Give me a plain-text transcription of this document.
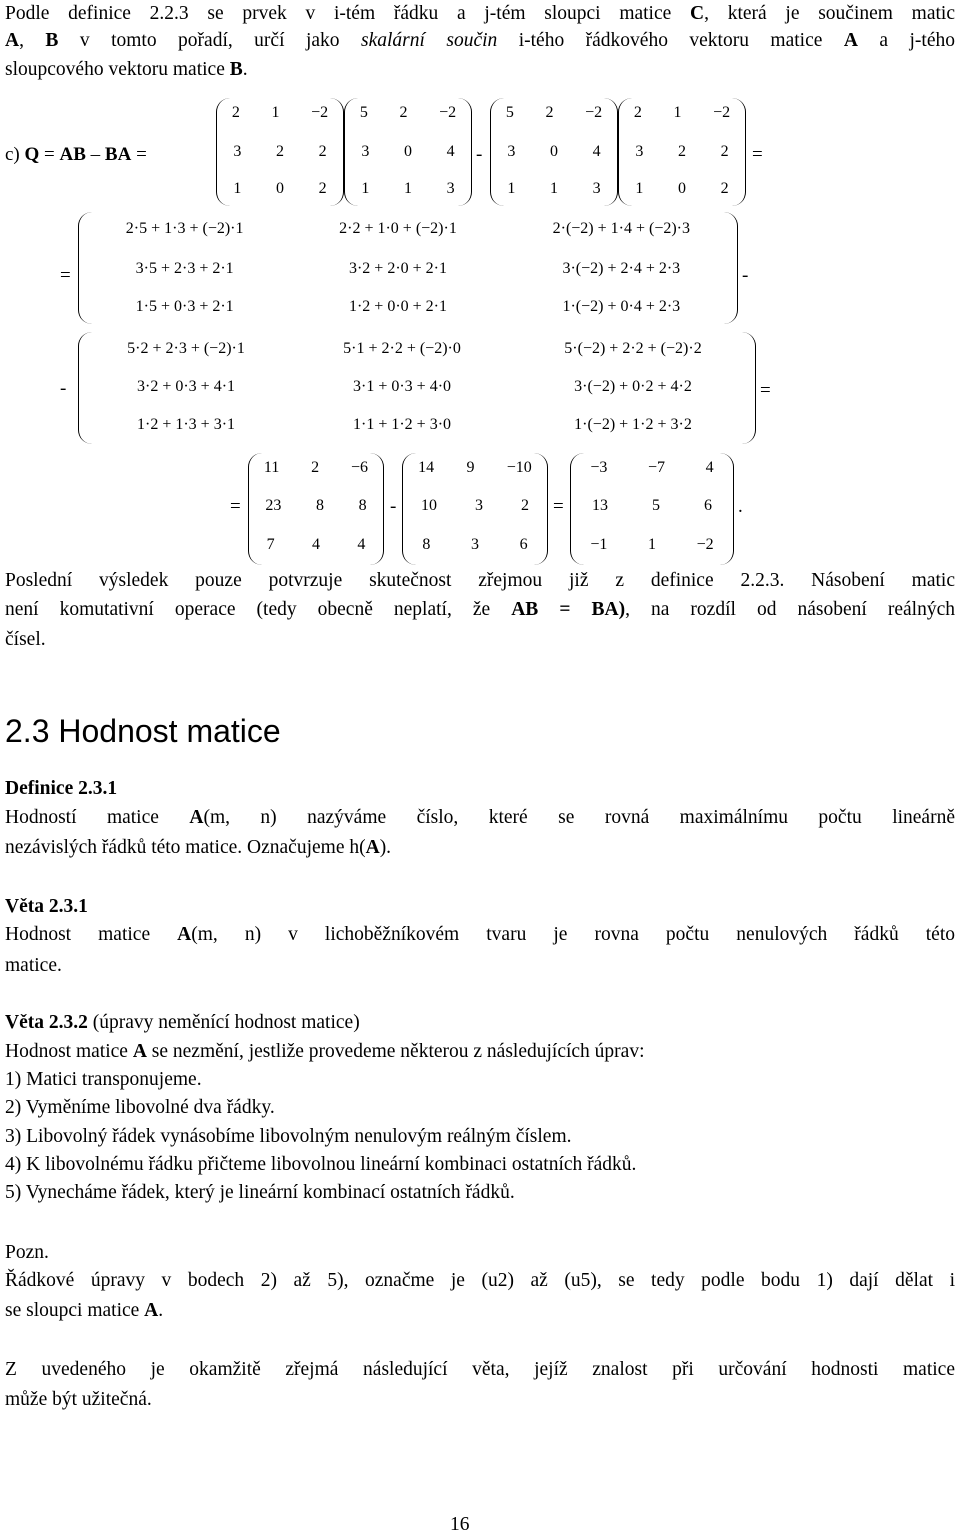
Podle definice 2.2.3 se prvek v i-tém řádku a j-tém sloupci matice C, která je součinem matic
A, B v tomto pořadí, určí jako skalární součin i-tého řádkového vektoru matice A a j-tého
sloupcového vektoru matice B.
c) Q = AB – BA =
2 1 −2
3 2 2
1 0 2
5 2 −2
3 0 4
1 1 3
-
5 2 −2
3 0 4
1 1 3
2 1 −2
3 2 2
1 0 2
=
=
2·5 + 1·3 + (−2)·1	2·2 + 1·0 + (−2)·1	2·(−2) + 1·4 + (−2)·3
3·5 + 2·3 + 2·1	3·2 + 2·0 + 2·1	3·(−2) + 2·4 + 2·3
1·5 + 0·3 + 2·1	1·2 + 0·0 + 2·1	1·(−2) + 0·4 + 2·3
-
-
5·2 + 2·3 + (−2)·1	5·1 + 2·2 + (−2)·0	5·(−2) + 2·2 + (−2)·2
3·2 + 0·3 + 4·1	3·1 + 0·3 + 4·0	3·(−2) + 0·2 + 4·2
1·2 + 1·3 + 3·1	1·1 + 1·2 + 3·0	1·(−2) + 1·2 + 3·2
=
=
11 2 −6
23 8 8
7 4 4
-
14 9 −10
10 3 2
8	3	6
=
−3	−7	4
13	5	6
−1	1	−2
.
Poslední výsledek pouze potvrzuje skutečnost zřejmou již z definice 2.2.3. Násobení matic
není komutativní operace (tedy obecně neplatí, že AB = BA), na rozdíl od násobení reálných
čísel.
2.3 Hodnost matice
Definice 2.3.1
Hodností matice A(m, n) nazýváme číslo, které se rovná maximálnímu počtu lineárně
nezávislých řádků této matice. Označujeme h(A).
Věta 2.3.1
Hodnost matice A(m, n) v lichoběžníkovém tvaru je rovna počtu nenulových řádků této
matice.
Věta 2.3.2 (úpravy neměnící hodnost matice)
Hodnost matice A se nezmění, jestliže provedeme některou z následujících úprav:
1) Matici transponujeme.
2) Vyměníme libovolné dva řádky.
3) Libovolný řádek vynásobíme libovolným nenulovým reálným číslem.
4) K libovolnému řádku přičteme libovolnou lineární kombinaci ostatních řádků.
5) Vynecháme řádek, který je lineární kombinací ostatních řádků.
Pozn.
Řádkové úpravy v bodech 2) až 5), označme je (u2) až (u5), se tedy podle bodu 1) dají dělat i
se sloupci matice A.
Z uvedeného je okamžitě zřejmá následující věta, jejíž znalost při určování hodnosti matice
může být užitečná.
16
